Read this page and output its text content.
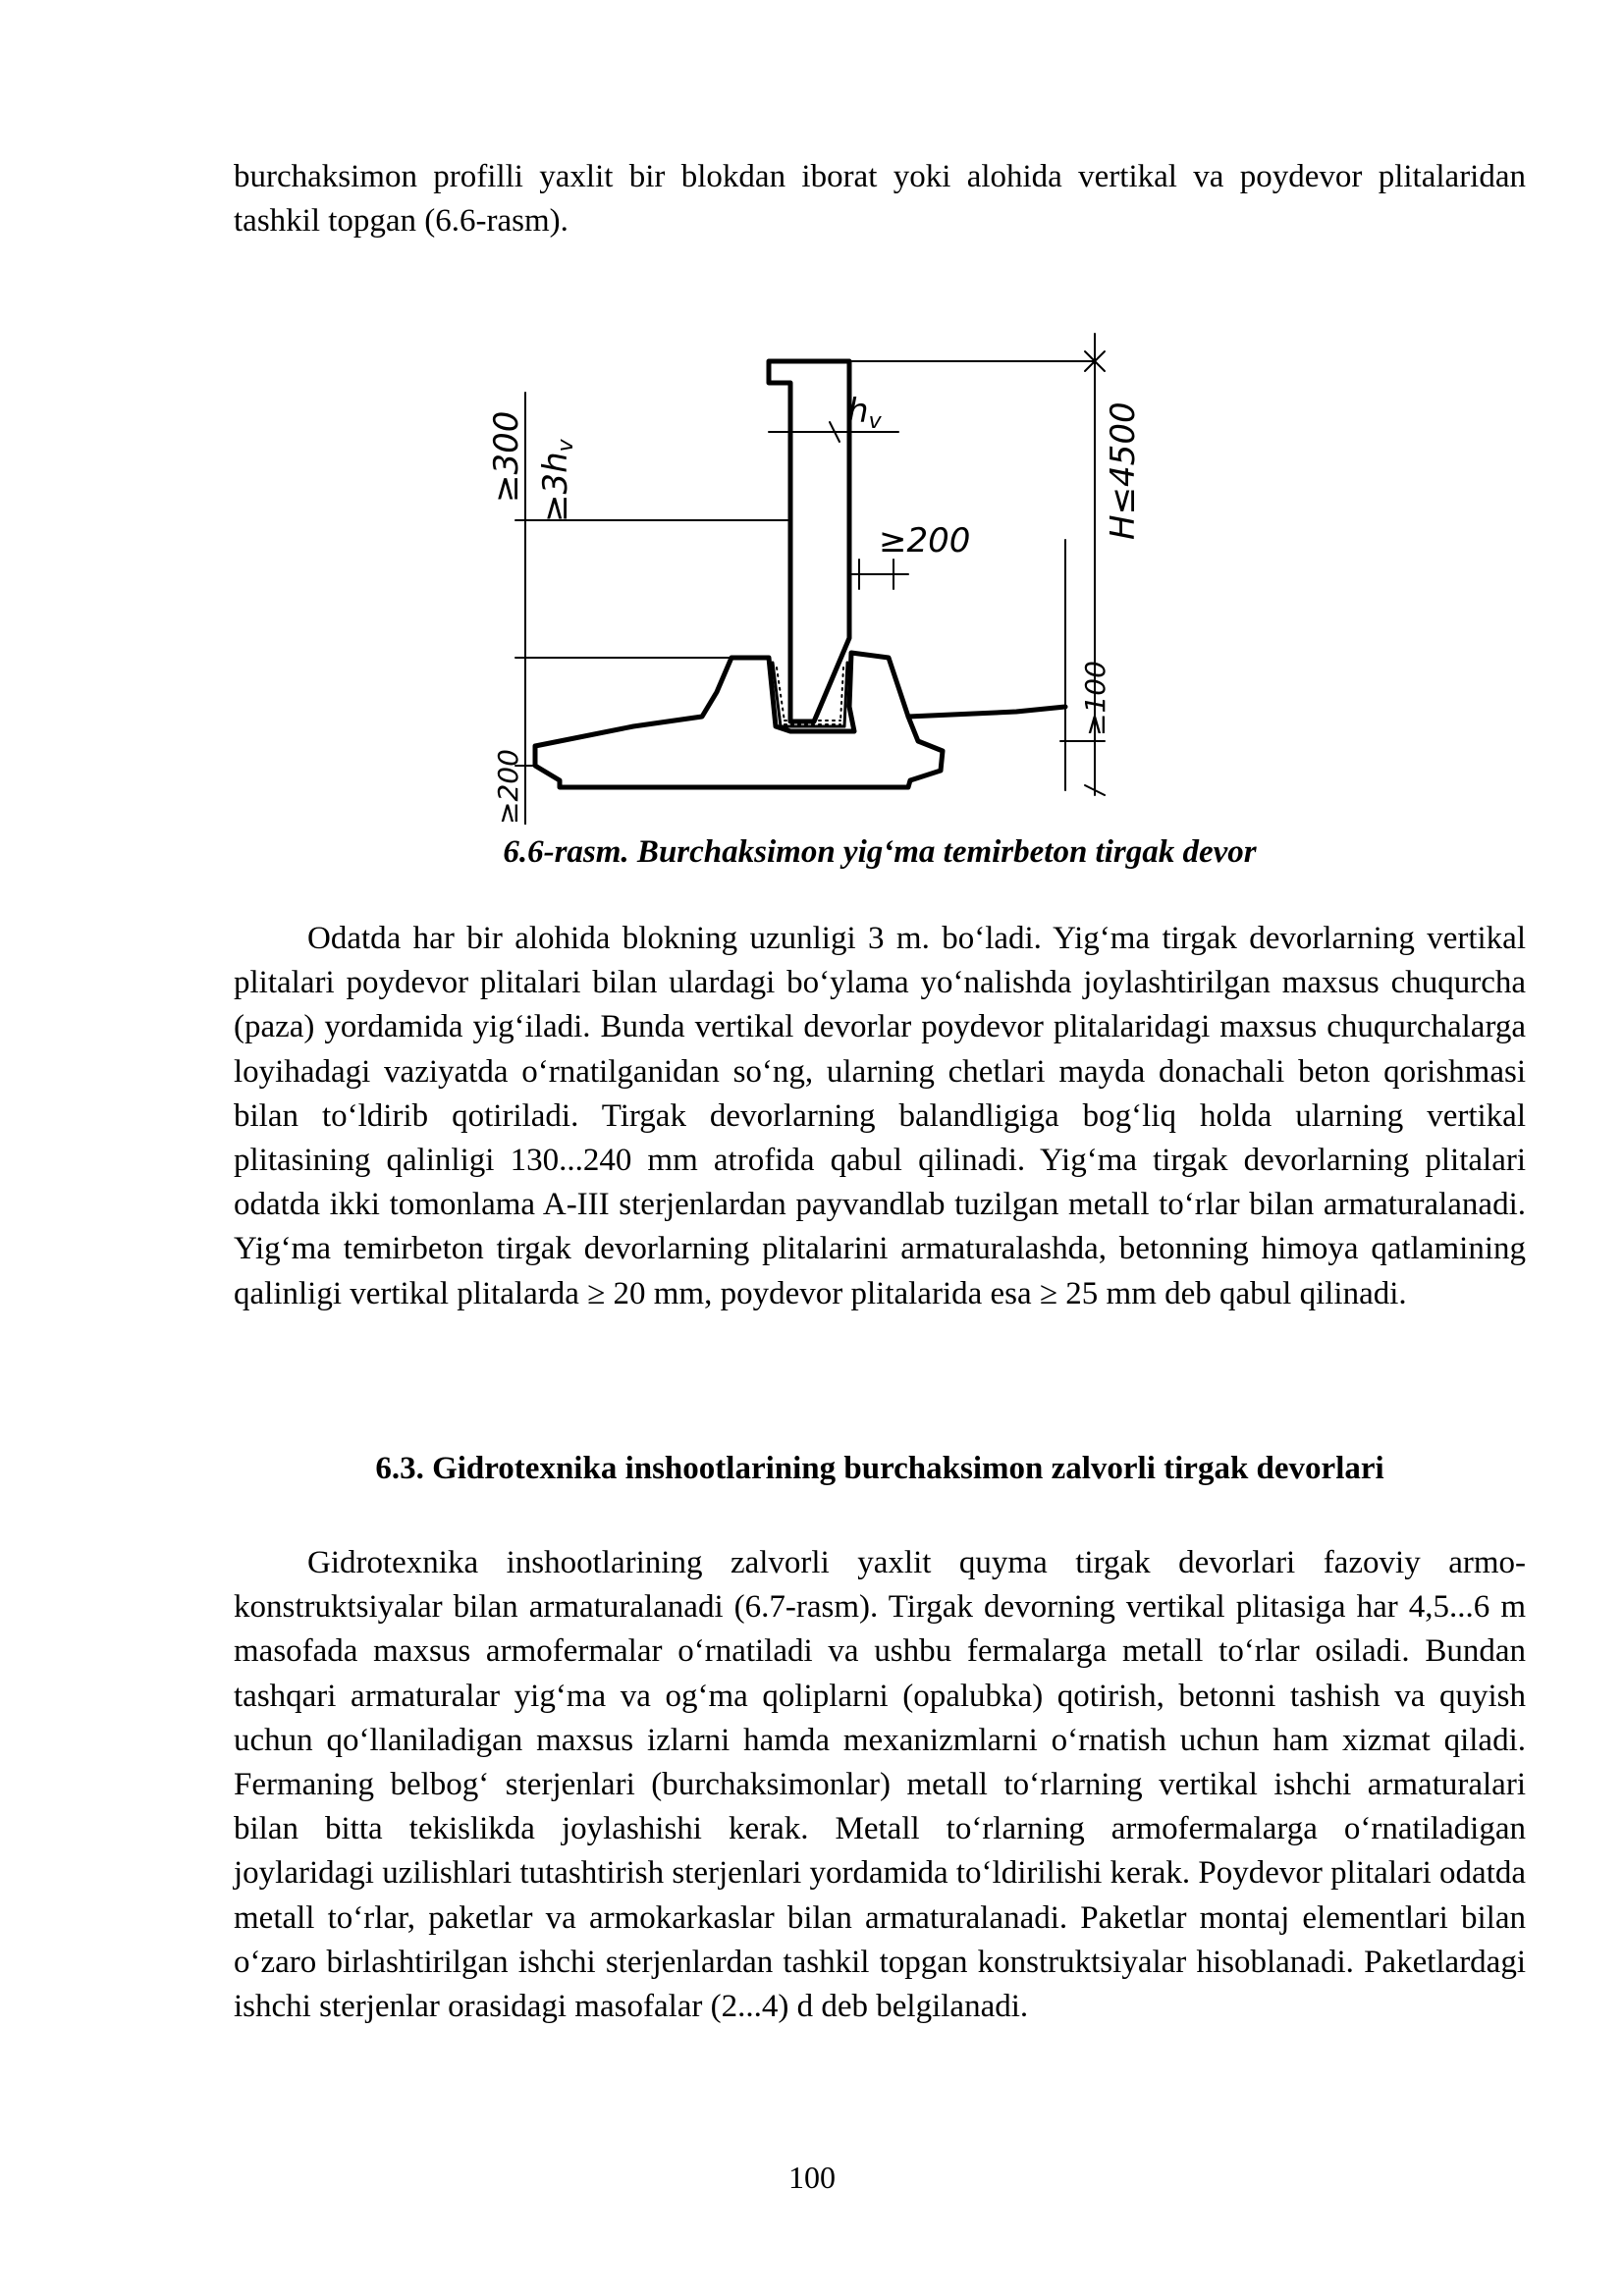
burchaksimon profilli yaxlit bir blokdan iborat yoki alohida vertikal va poydevor plitalaridan tashkil topgan (6.6-rasm).

hv
≥200
≥300 ≥3hv	H≤4500
≥100
≥200

6.6-rasm. Burchaksimon yig‘ma temirbeton tirgak devor

Odatda har bir alohida blokning uzunligi 3 m. bo‘ladi. Yig‘ma tirgak devorlarning vertikal plitalari poydevor plitalari bilan ulardagi bo‘ylama yo‘nalishda joylashtirilgan maxsus chuqurcha (paza) yordamida yig‘iladi. Bunda vertikal devorlar poydevor plitalaridagi maxsus chuqurchalarga loyihadagi vaziyatda o‘rnatilganidan so‘ng, ularning chetlari mayda donachali beton qorishmasi bilan to‘ldirib qotiriladi. Tirgak devorlarning balandligiga bog‘liq holda ularning vertikal plitasining qalinligi 130...240 mm atrofida qabul qilinadi. Yig‘ma tirgak devorlarning plitalari odatda ikki tomonlama A-III sterjenlardan payvandlab tuzilgan metall to‘rlar bilan armaturalanadi. Yig‘ma temirbeton tirgak devorlarning plitalarini armaturalashda, betonning himoya qatlamining qalinligi vertikal plitalarda ≥ 20 mm, poydevor plitalarida esa ≥ 25 mm deb qabul qilinadi.

6.3. Gidrotexnika inshootlarining burchaksimon zalvorli tirgak devorlari

Gidrotexnika inshootlarining zalvorli yaxlit quyma tirgak devorlari fazoviy armo-konstruktsiyalar bilan armaturalanadi (6.7-rasm). Tirgak devorning vertikal plitasiga har 4,5...6 m masofada maxsus armofermalar o‘rnatiladi va ushbu fermalarga metall to‘rlar osiladi. Bundan tashqari armaturalar yig‘ma va og‘ma qoliplarni (opalubka) qotirish, betonni tashish va quyish uchun qo‘llaniladigan maxsus izlarni hamda mexanizmlarni o‘rnatish uchun ham xizmat qiladi. Fermaning belbog‘ sterjenlari (burchaksimonlar) metall to‘rlarning vertikal ishchi armaturalari bilan bitta tekislikda joylashishi kerak. Metall to‘rlarning armofermalarga o‘rnatiladigan joylaridagi uzilishlari tutashtirish sterjenlari yordamida to‘ldirilishi kerak. Poydevor plitalari odatda metall to‘rlar, paketlar va armokarkaslar bilan armaturalanadi. Paketlar montaj elementlari bilan o‘zaro birlashtirilgan ishchi sterjenlardan tashkil topgan konstruktsiyalar hisoblanadi. Paketlardagi ishchi sterjenlar orasidagi masofalar (2...4) d deb belgilanadi.

100
